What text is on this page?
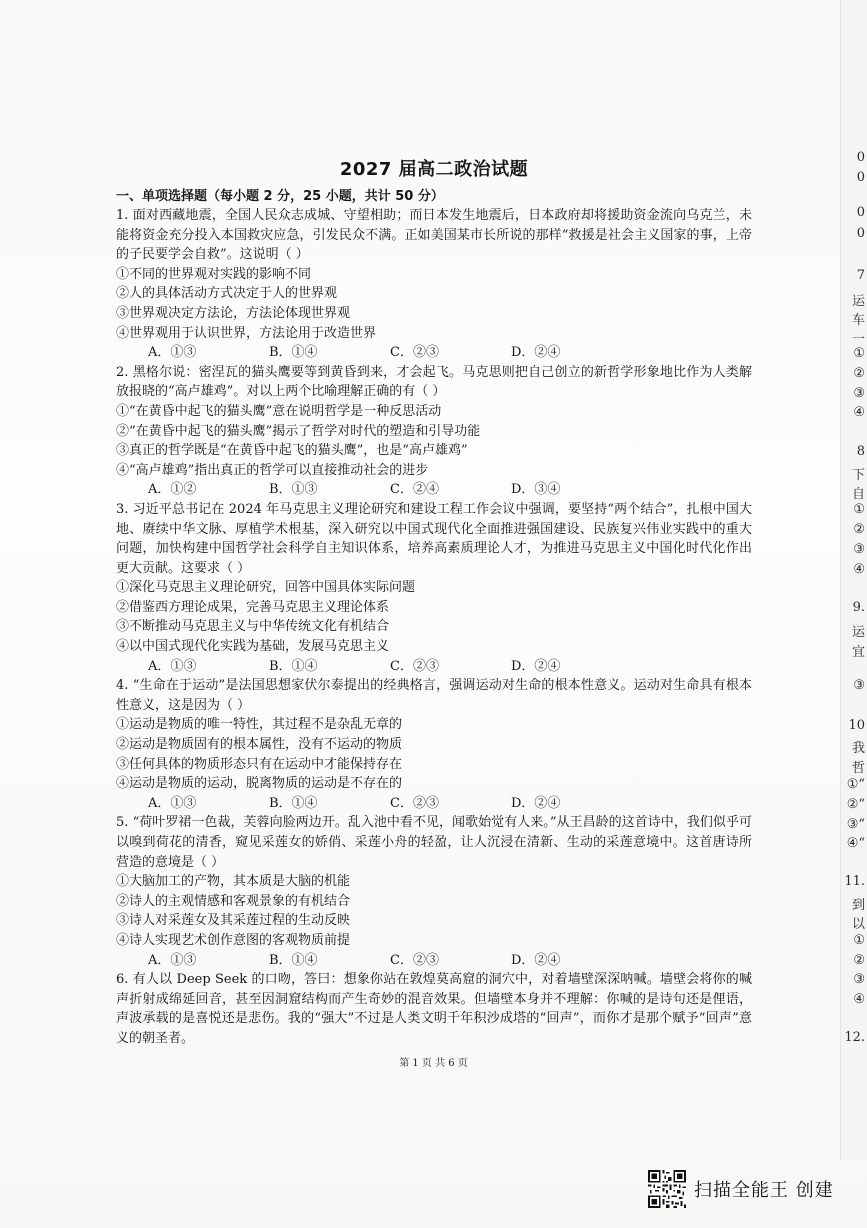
2027 届高二政治试题

一、单项选择题（每小题 2 分，25 小题，共计 50 分）

1. 面对西藏地震，全国人民众志成城、守望相助；而日本发生地震后，日本政府却将援助资金流向乌克兰，未能将资金充分投入本国救灾应急，引发民众不满。正如美国某市长所说的那样“救援是社会主义国家的事，上帝的子民要学会自救”。这说明（ ）

①不同的世界观对实践的影响不同

②人的具体活动方式决定于人的世界观

③世界观决定方法论，方法论体现世界观

④世界观用于认识世界，方法论用于改造世界

A．①③	B．①④	C．②③	D．②④

2. 黑格尔说：密涅瓦的猫头鹰要等到黄昏到来，才会起飞。马克思则把自己创立的新哲学形象地比作为人类解放报晓的“高卢雄鸡”。对以上两个比喻理解正确的有（ ）

①“在黄昏中起飞的猫头鹰”意在说明哲学是一种反思活动

②“在黄昏中起飞的猫头鹰”揭示了哲学对时代的塑造和引导功能

③真正的哲学既是“在黄昏中起飞的猫头鹰”，也是“高卢雄鸡”

④“高卢雄鸡”指出真正的哲学可以直接推动社会的进步

A．①②	B．①③	C．②④	D．③④

3. 习近平总书记在 2024 年马克思主义理论研究和建设工程工作会议中强调，要坚持“两个结合”，扎根中国大地、赓续中华文脉、厚植学术根基，深入研究以中国式现代化全面推进强国建设、民族复兴伟业实践中的重大问题，加快构建中国哲学社会科学自主知识体系，培养高素质理论人才，为推进马克思主义中国化时代化作出更大贡献。这要求（ ）

①深化马克思主义理论研究，回答中国具体实际问题

②借鉴西方理论成果，完善马克思主义理论体系

③不断推动马克思主义与中华传统文化有机结合

④以中国式现代化实践为基础，发展马克思主义

A．①③	B．①④	C．②③	D．②④

4. “生命在于运动”是法国思想家伏尔泰提出的经典格言，强调运动对生命的根本性意义。运动对生命具有根本性意义，这是因为（ ）

①运动是物质的唯一特性，其过程不是杂乱无章的

②运动是物质固有的根本属性，没有不运动的物质

③任何具体的物质形态只有在运动中才能保持存在

④运动是物质的运动，脱离物质的运动是不存在的

A．①③	B．①④	C．②③	D．②④

5. “荷叶罗裙一色裁，芙蓉向脸两边开。乱入池中看不见，闻歌始觉有人来。”从王昌龄的这首诗中，我们似乎可以嗅到荷花的清香，窥见采莲女的娇俏、采莲小舟的轻盈，让人沉浸在清新、生动的采莲意境中。这首唐诗所营造的意境是（ ）

①大脑加工的产物，其本质是大脑的机能

②诗人的主观情感和客观景象的有机结合

③诗人对采莲女及其采莲过程的生动反映

④诗人实现艺术创作意图的客观物质前提

A．①③	B．①④	C．②③	D．②④

6. 有人以 Deep Seek 的口吻，答曰：想象你站在敦煌莫高窟的洞穴中，对着墙壁深深呐喊。墙壁会将你的喊声折射成绵延回音，甚至因洞窟结构而产生奇妙的混音效果。但墙壁本身并不理解：你喊的是诗句还是俚语，声波承载的是喜悦还是悲伤。我的“强大”不过是人类文明千年积沙成塔的“回声”，而你才是那个赋予“回声”意义的朝圣者。

第 1 页 共 6 页
0
0
0
0
7
运
车
一
①
②
③
④
8
下
自
①
②
③
④
9.
运
宜
③
10
我
哲
①“
②“
③“
④“
11.
到
以
①
②
③
④
12.
扫描全能王 创建
